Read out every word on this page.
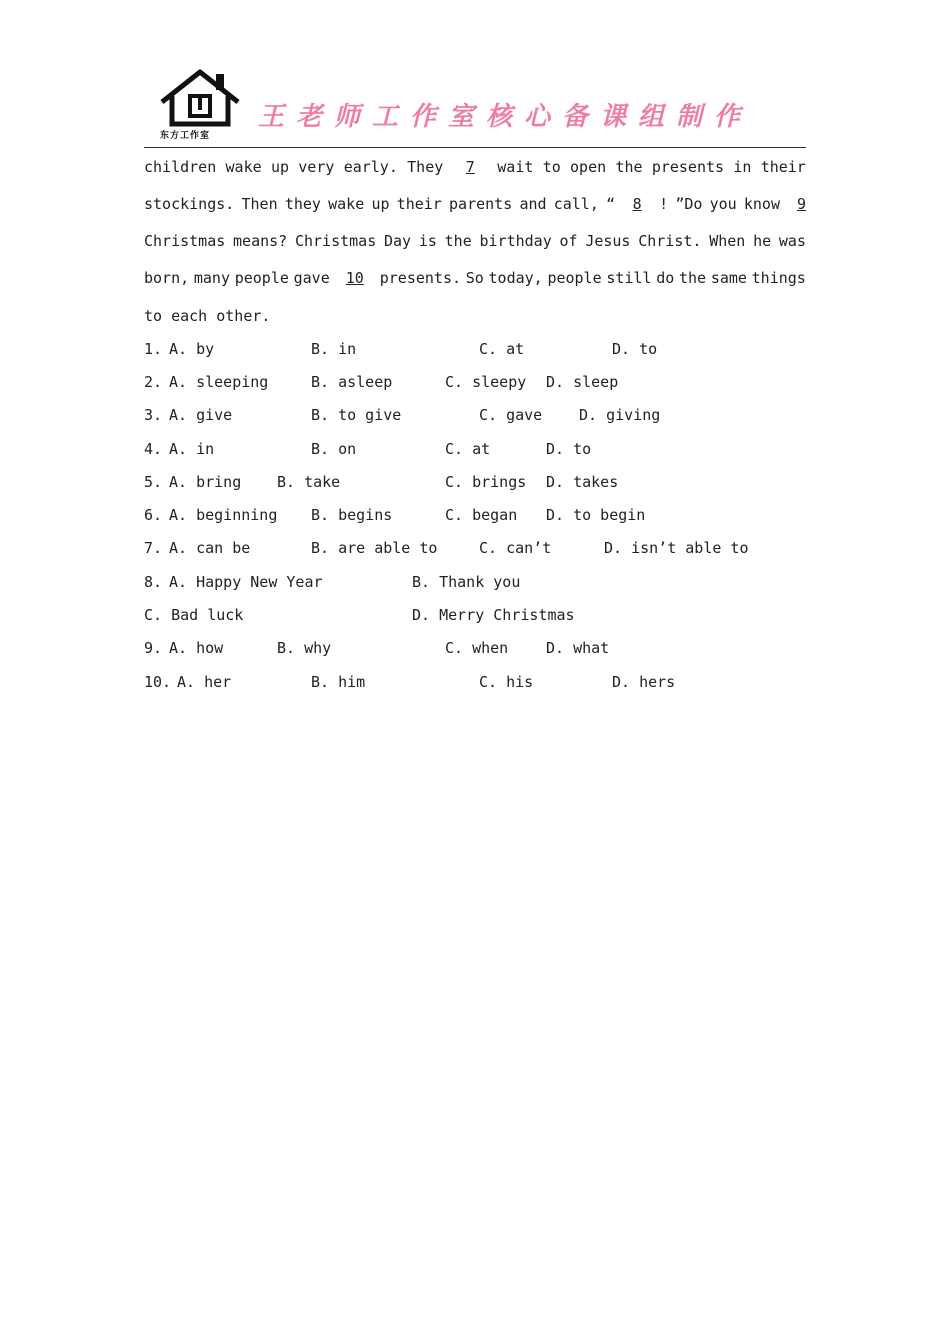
东方工作室
王老师工作室核心备课组制作
children wake up very early. They 7 wait to open the presents in their
stockings. Then they wake up their parents and call, “ 8 ! ”Do you know 9
Christmas means? Christmas Day is the birthday of Jesus Christ. When he was
born, many people gave 10 presents. So today, people still do the same things
to each other.
1. A. by	B. in	C. at	D. to
2. A. sleeping	B. asleep	C. sleepy D. sleep
3. A. give	B. to give	C. gave D. giving
4. A. in	B. on	C. at	D. to
5. A. bring B. take	C. brings D. takes
6. A. beginning B. begins	C. began D. to begin
7. A. can be	B. are able to	C. can’t	D. isn’t able to
8. A. Happy New Year	B. Thank you
C. Bad luck	D. Merry Christmas
9. A. how	B. why	C. when	D. what
10. A. her	B. him	C. his	D. hers
